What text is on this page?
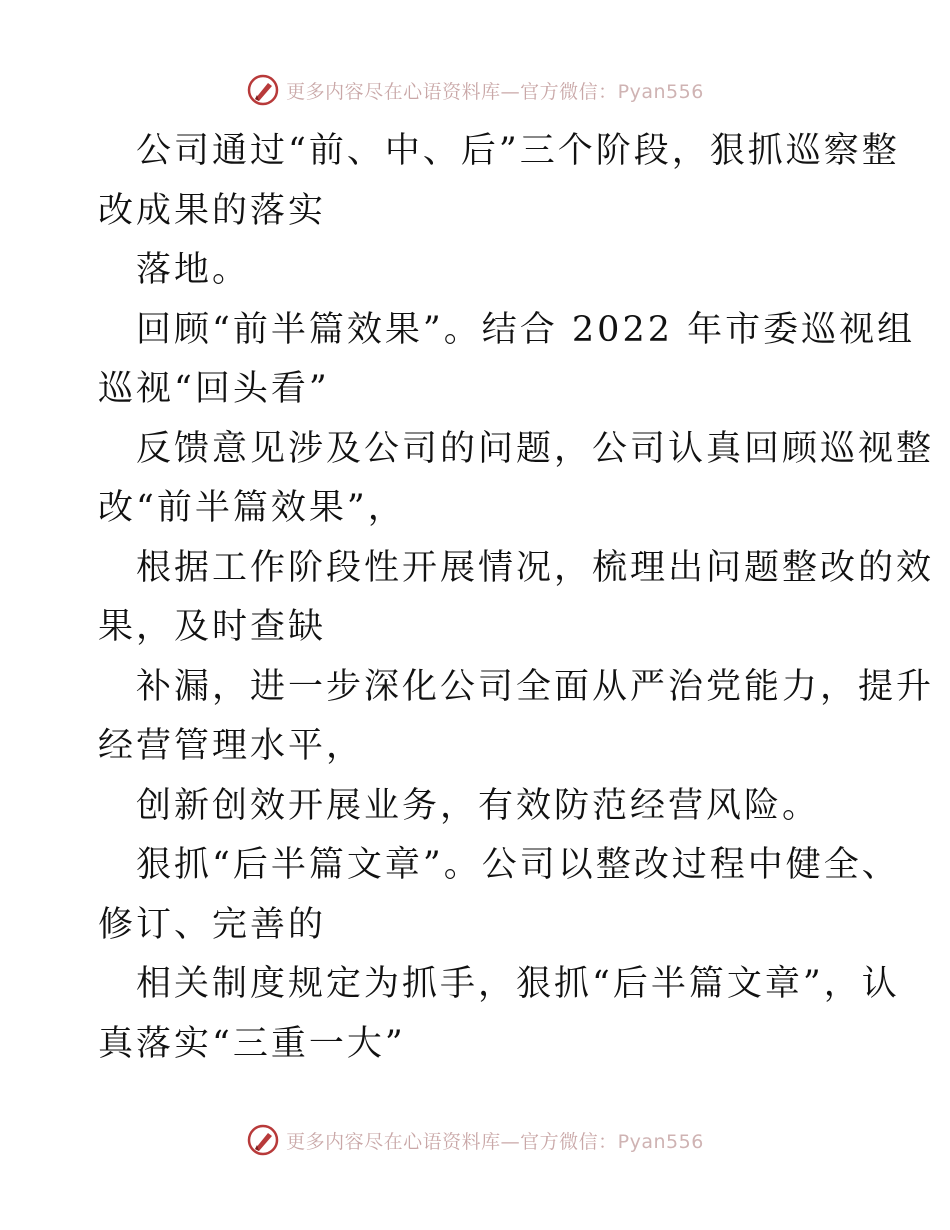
更多内容尽在心语资料库—官方微信：Pyan556
公司通过“前、中、后”三个阶段，狠抓巡察整
改成果的落实
落地。
回顾“前半篇效果”。结合 2022 年市委巡视组
巡视“回头看”
反馈意见涉及公司的问题，公司认真回顾巡视整
改“前半篇效果”，
根据工作阶段性开展情况，梳理出问题整改的效
果，及时查缺
补漏，进一步深化公司全面从严治党能力，提升
经营管理水平，
创新创效开展业务，有效防范经营风险。
狠抓“后半篇文章”。公司以整改过程中健全、
修订、完善的
相关制度规定为抓手，狠抓“后半篇文章”，认
真落实“三重一大”
更多内容尽在心语资料库—官方微信：Pyan556
